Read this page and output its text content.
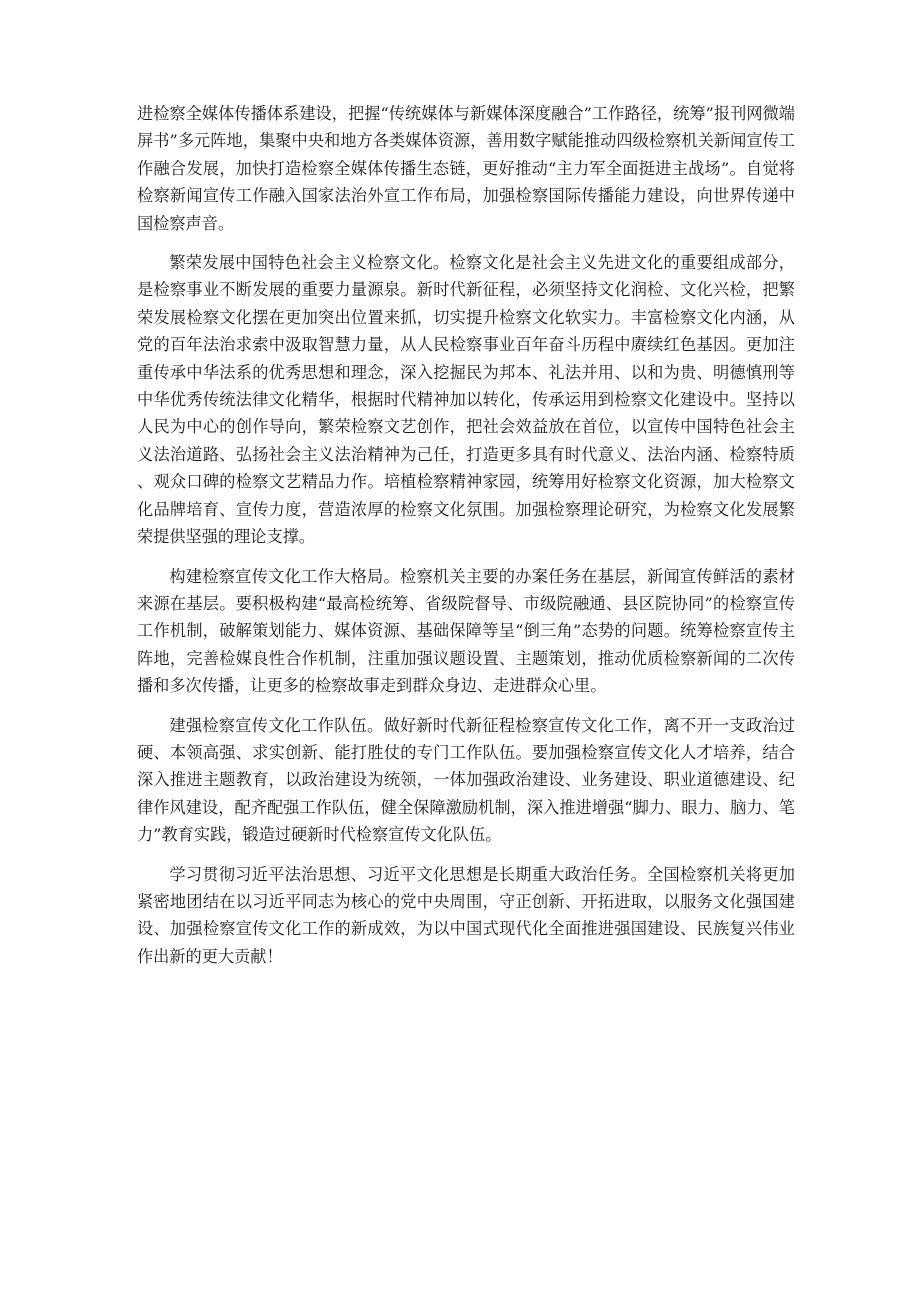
进检察全媒体传播体系建设，把握“传统媒体与新媒体深度融合”工作路径，统筹”报刊网微端屏书”多元阵地，集聚中央和地方各类媒体资源，善用数字赋能推动四级检察机关新闻宣传工作融合发展，加快打造检察全媒体传播生态链，更好推动“主力军全面挺进主战场”。自觉将检察新闻宣传工作融入国家法治外宣工作布局，加强检察国际传播能力建设，向世界传递中国检察声音。

繁荣发展中国特色社会主义检察文化。检察文化是社会主义先进文化的重要组成部分，是检察事业不断发展的重要力量源泉。新时代新征程，必须坚持文化润检、文化兴检，把繁荣发展检察文化摆在更加突出位置来抓，切实提升检察文化软实力。丰富检察文化内涵，从党的百年法治求索中汲取智慧力量，从人民检察事业百年奋斗历程中赓续红色基因。更加注重传承中华法系的优秀思想和理念，深入挖掘民为邦本、礼法并用、以和为贵、明德慎刑等中华优秀传统法律文化精华，根据时代精神加以转化，传承运用到检察文化建设中。坚持以人民为中心的创作导向，繁荣检察文艺创作，把社会效益放在首位，以宣传中国特色社会主义法治道路、弘扬社会主义法治精神为己任，打造更多具有时代意义、法治内涵、检察特质、观众口碑的检察文艺精品力作。培植检察精神家园，统筹用好检察文化资源，加大检察文化品牌培育、宣传力度，营造浓厚的检察文化氛围。加强检察理论研究，为检察文化发展繁荣提供坚强的理论支撑。

构建检察宣传文化工作大格局。检察机关主要的办案任务在基层，新闻宣传鲜活的素材来源在基层。要积极构建“最高检统筹、省级院督导、市级院融通、县区院协同”的检察宣传工作机制，破解策划能力、媒体资源、基础保障等呈“倒三角”态势的问题。统筹检察宣传主阵地，完善检媒良性合作机制，注重加强议题设置、主题策划，推动优质检察新闻的二次传播和多次传播，让更多的检察故事走到群众身边、走进群众心里。

建强检察宣传文化工作队伍。做好新时代新征程检察宣传文化工作，离不开一支政治过硬、本领高强、求实创新、能打胜仗的专门工作队伍。要加强检察宣传文化人才培养，结合深入推进主题教育，以政治建设为统领，一体加强政治建设、业务建设、职业道德建设、纪律作风建设，配齐配强工作队伍，健全保障激励机制，深入推进增强“脚力、眼力、脑力、笔力”教育实践，锻造过硬新时代检察宣传文化队伍。

学习贯彻习近平法治思想、习近平文化思想是长期重大政治任务。全国检察机关将更加紧密地团结在以习近平同志为核心的党中央周围，守正创新、开拓进取，以服务文化强国建设、加强检察宣传文化工作的新成效，为以中国式现代化全面推进强国建设、民族复兴伟业作出新的更大贡献！
